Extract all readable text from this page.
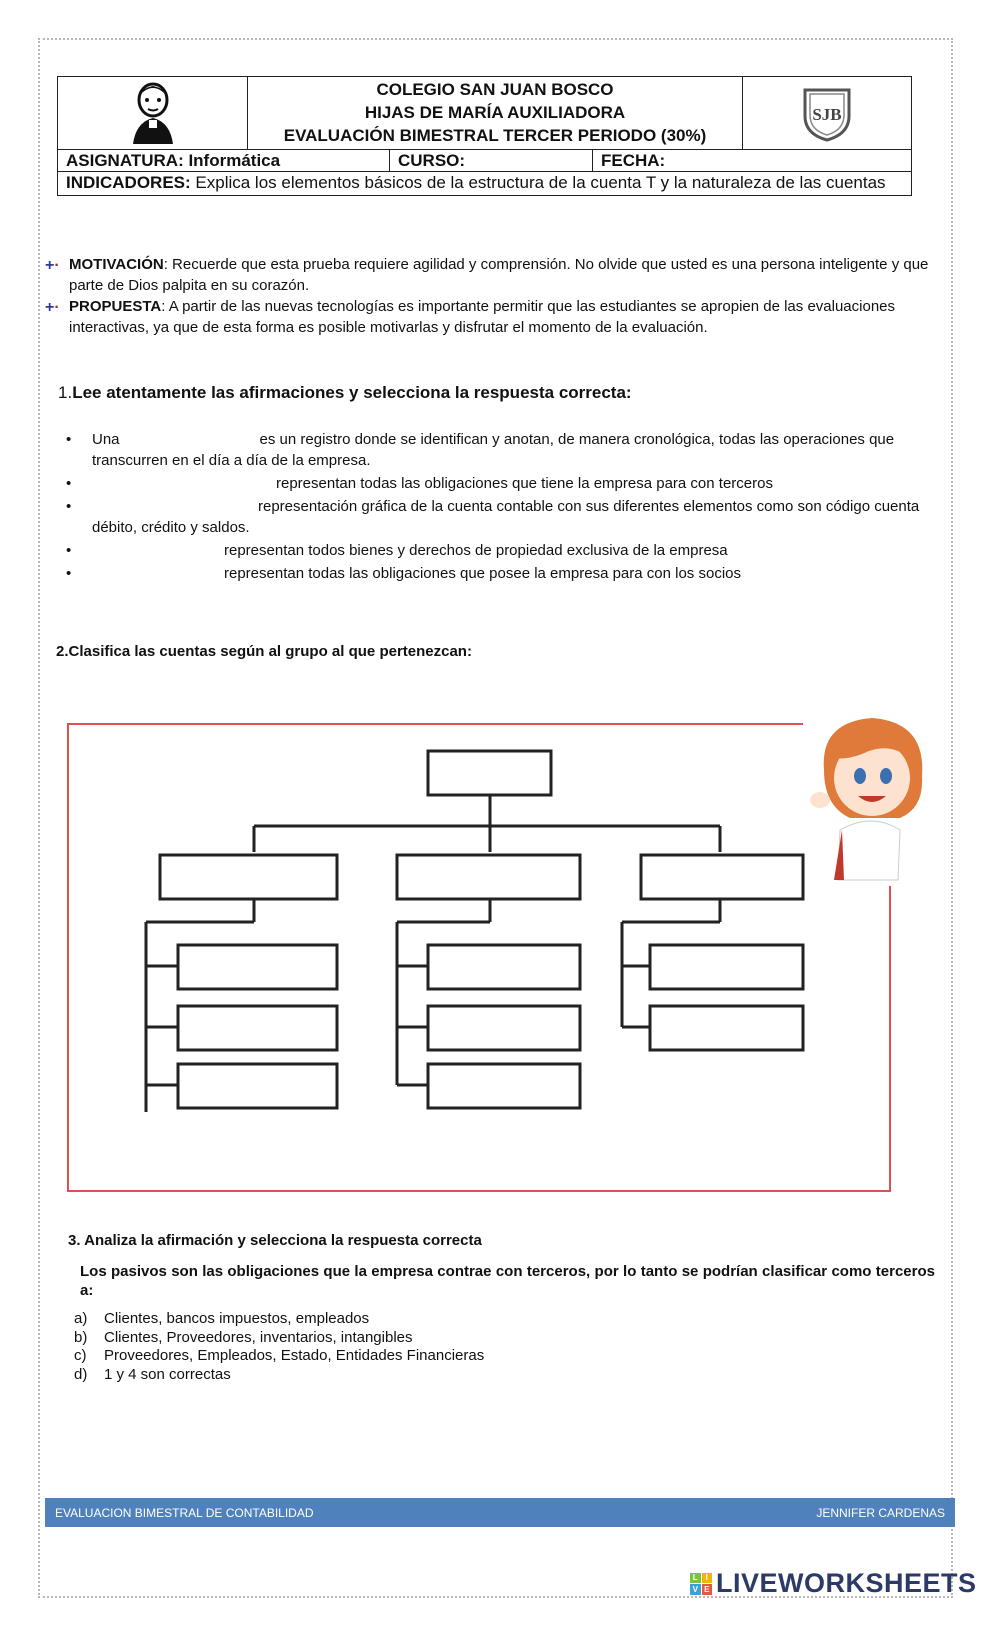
COLEGIO SAN JUAN BOSCO
HIJAS DE MARÍA AUXILIADORA
EVALUACIÓN BIMESTRAL TERCER PERIODO (30%)
SJB
ASIGNATURA: Informática	CURSO:	FECHA:
INDICADORES: Explica los elementos básicos de la estructura de la cuenta T y la naturaleza de las cuentas
+· MOTIVACIÓN: Recuerde que esta prueba requiere agilidad y comprensión. No olvide que usted es una persona inteligente y que parte de Dios palpita en su corazón.
+· PROPUESTA: A partir de las nuevas tecnologías es importante permitir que las estudiantes se apropien de las evaluaciones interactivas, ya que de esta forma es posible motivarlas y disfrutar el momento de la evaluación.
1.Lee atentamente las afirmaciones y selecciona la respuesta correcta:
• Una	es un registro donde se identifican y anotan, de manera cronológica, todas las operaciones que transcurren en el día a día de la empresa.
• representan todas las obligaciones que tiene la empresa para con terceros
• representación gráfica de la cuenta contable con sus diferentes elementos como son código cuenta débito, crédito y saldos.
• representan todos bienes y derechos de propiedad exclusiva de la empresa
• representan todas las obligaciones que posee la empresa para con los socios
2.Clasifica las cuentas según al grupo al que pertenezcan:
3. Analiza la afirmación y selecciona la respuesta correcta
Los pasivos son las obligaciones que la empresa contrae con terceros, por lo tanto se podrían clasificar como terceros a:
a) Clientes, bancos impuestos, empleados
b) Clientes, Proveedores, inventarios, intangibles
c) Proveedores, Empleados, Estado, Entidades Financieras
d) 1 y 4 son correctas
EVALUACION BIMESTRAL DE CONTABILIDAD	JENNIFER CARDENAS
L I
V E LIVEWORKSHEETS
